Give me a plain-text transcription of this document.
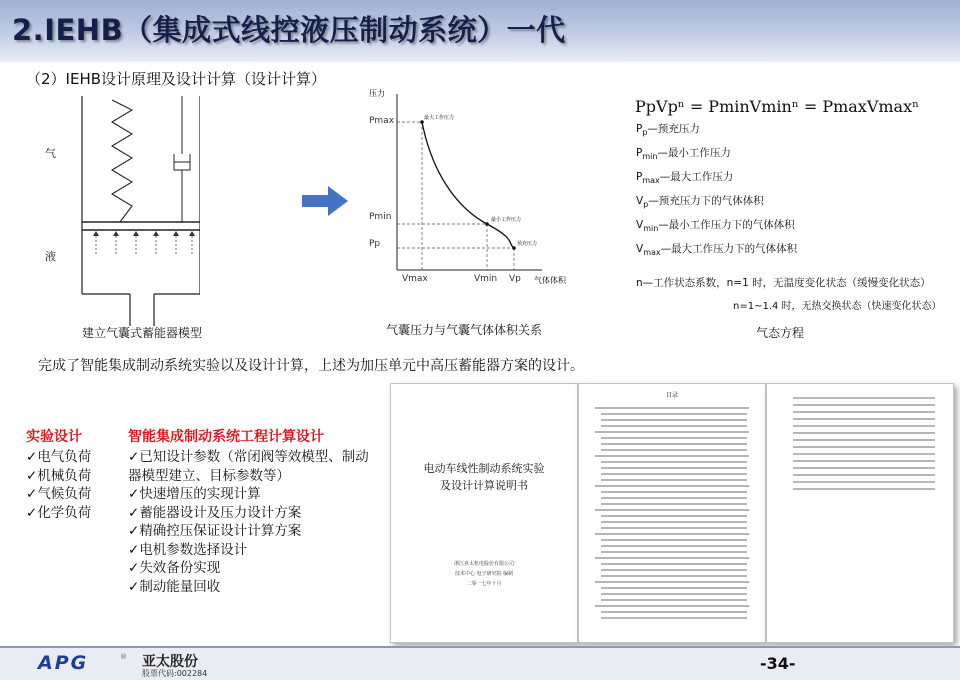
2.IEHB（集成式线控液压制动系统）一代
（2）IEHB设计原理及设计计算（设计计算）
气
液
建立气囊式蓄能器模型
压力
Pmax
Pmin
Pp
Vmax	Vmin Vp 气体体积
最大工作压力
最小工作压力
预充压力
气囊压力与气囊气体体积关系
PpVpⁿ = PminVminⁿ = PmaxVmaxⁿ
$P_p—$预充压力
$P_{min}—$最小工作压力
$P_{max}—$最大工作压力
$V_p—$预充压力下的气体体积
$V_{min}—$最小工作压力下的气体体积
$V_{max}—$最大工作压力下的气体体积
n—工作状态系数，n=1 时，无温度变化状态（缓慢变化状态）
n=1~1.4 时，无热交换状态（快速变化状态）
气态方程
完成了智能集成制动系统实验以及设计计算，上述为加压单元中高压蓄能器方案的设计。
实验设计
✓电气负荷
✓机械负荷
✓气候负荷
✓化学负荷
智能集成制动系统工程计算设计
✓已知设计参数（常闭阀等效模型、制动
器模型建立、目标参数等）
✓快速增压的实现计算
✓蓄能器设计及压力设计方案
✓精确控压保证设计计算方案
✓电机参数选择设计
✓失效备份实现
✓制动能量回收
电动车线性制动系统实验
及设计计算说明书
浙江亚太机电股份有限公司
技术中心 电子研究院 编制
二零一七年十月
目录
APG	® 亚太股份
股票代码:002284
-34-
